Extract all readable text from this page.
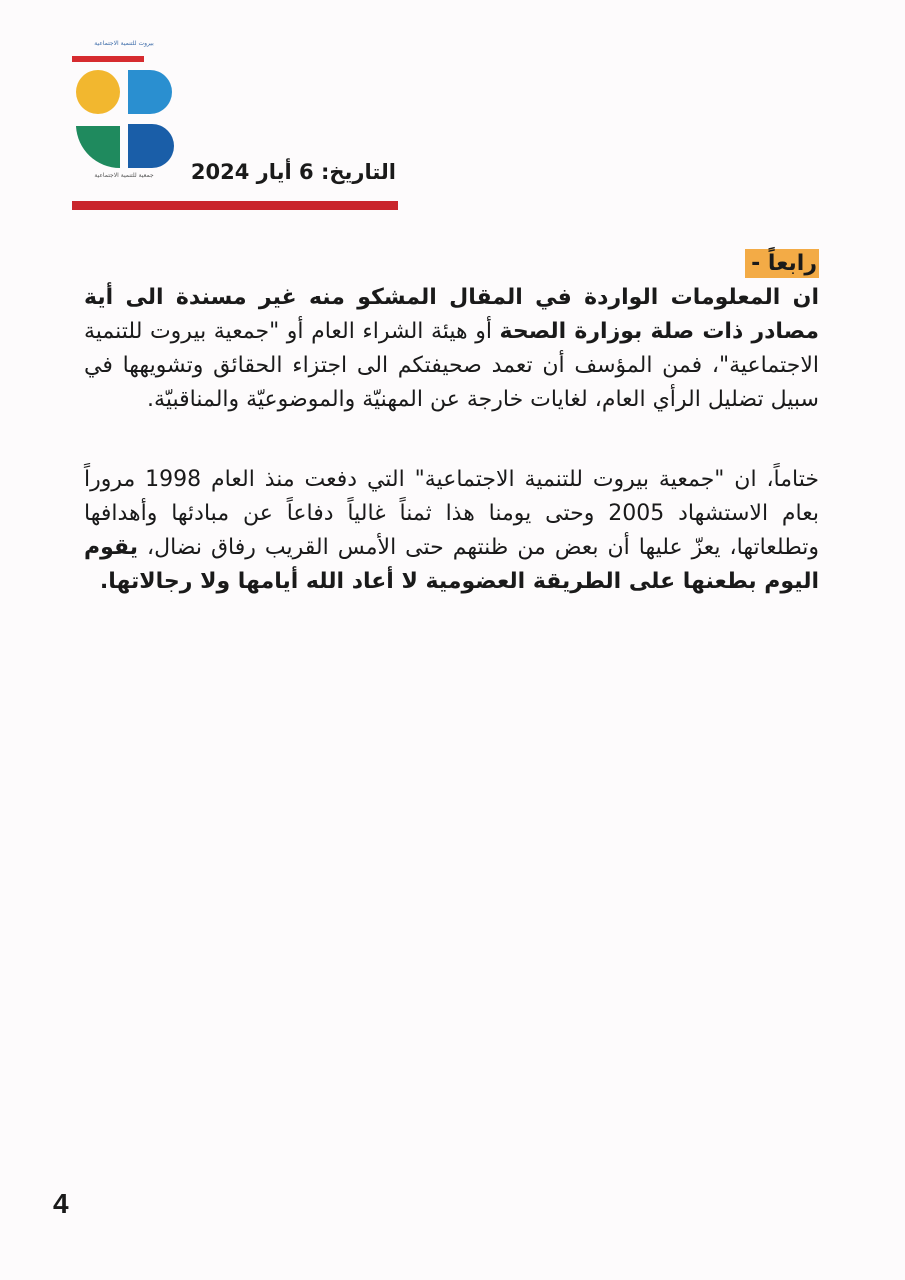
بيروت للتنمية الاجتماعية
جمعية للتنمية الاجتماعية	التاريخ: 6 أيار 2024

رابعاً -

ان المعلومات الواردة في المقال المشكو منه غير مسندة الى أية مصادر ذات صلة بوزارة الصحة أو هيئة الشراء العام أو "جمعية بيروت للتنمية الاجتماعية"، فمن المؤسف أن تعمد صحيفتكم الى اجتزاء الحقائق وتشويهها في سبيل تضليل الرأي العام، لغايات خارجة عن المهنيّة والموضوعيّة والمناقبيّة.

ختاماً، ان "جمعية بيروت للتنمية الاجتماعية" التي دفعت منذ العام 1998 مروراً بعام الاستشهاد 2005 وحتى يومنا هذا ثمناً غالياً دفاعاً عن مبادئها وأهدافها وتطلعاتها، يعزّ عليها أن بعض من ظنتهم حتى الأمس القريب رفاق نضال، يقوم اليوم بطعنها على الطريقة العضومية لا أعاد الله أيامها ولا رجالاتها.

4
